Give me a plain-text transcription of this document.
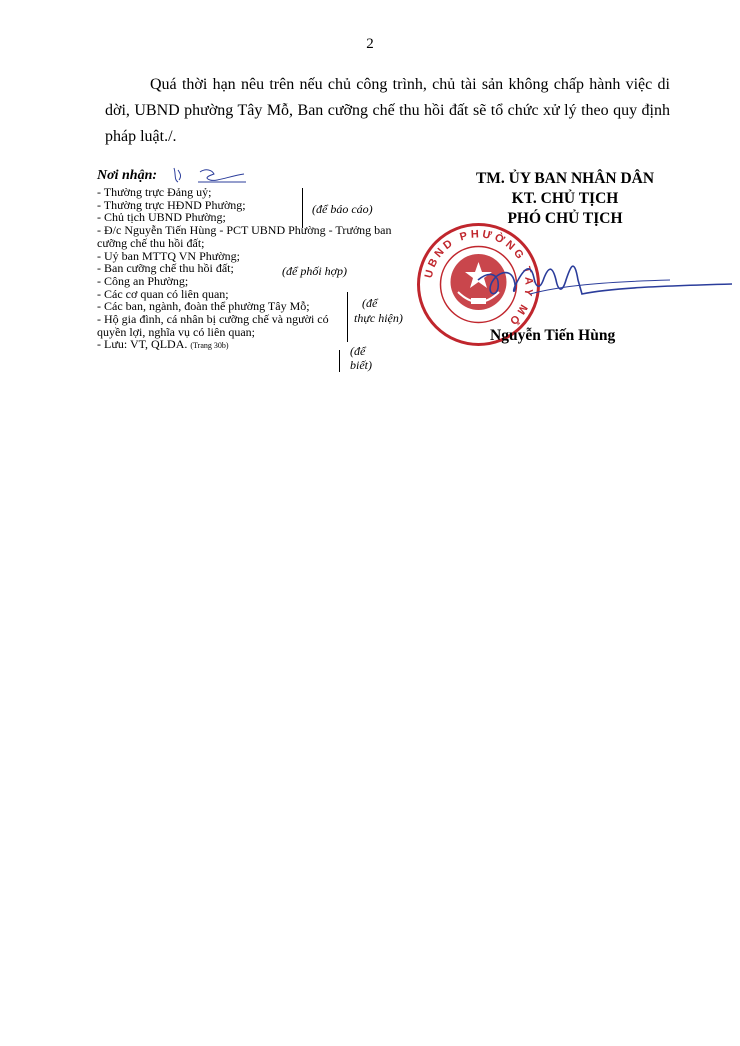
2
Quá thời hạn nêu trên nếu chủ công trình, chủ tài sản không chấp hành việc di dời, UBND phường Tây Mỗ, Ban cưỡng chế thu hồi đất sẽ tổ chức xử lý theo quy định pháp luật./.
Nơi nhận:
- Thường trực Đảng uỷ;
- Thường trực HĐND Phường;
- Chủ tịch UBND Phường;
- Đ/c Nguyễn Tiến Hùng - PCT UBND Phường - Trưởng ban cưỡng chế thu hồi đất;
- Uỷ ban MTTQ VN Phường;
- Ban cưỡng chế thu hồi đất;
- Công an Phường;
- Các cơ quan có liên quan;
- Các ban, ngành, đoàn thể phường Tây Mỗ;
- Hộ gia đình, cá nhân bị cưỡng chế và người có quyền lợi, nghĩa vụ có liên quan;
- Lưu: VT, QLDA. (Trang 30b)
(để báo cáo)
(để phối hợp)
(để
thực hiện)
(để
biết)
TM. ỦY BAN NHÂN DÂN
KT. CHỦ TỊCH
PHÓ CHỦ TỊCH
UBND PHƯỜNG TÂY MỖ
Nguyễn Tiến Hùng
